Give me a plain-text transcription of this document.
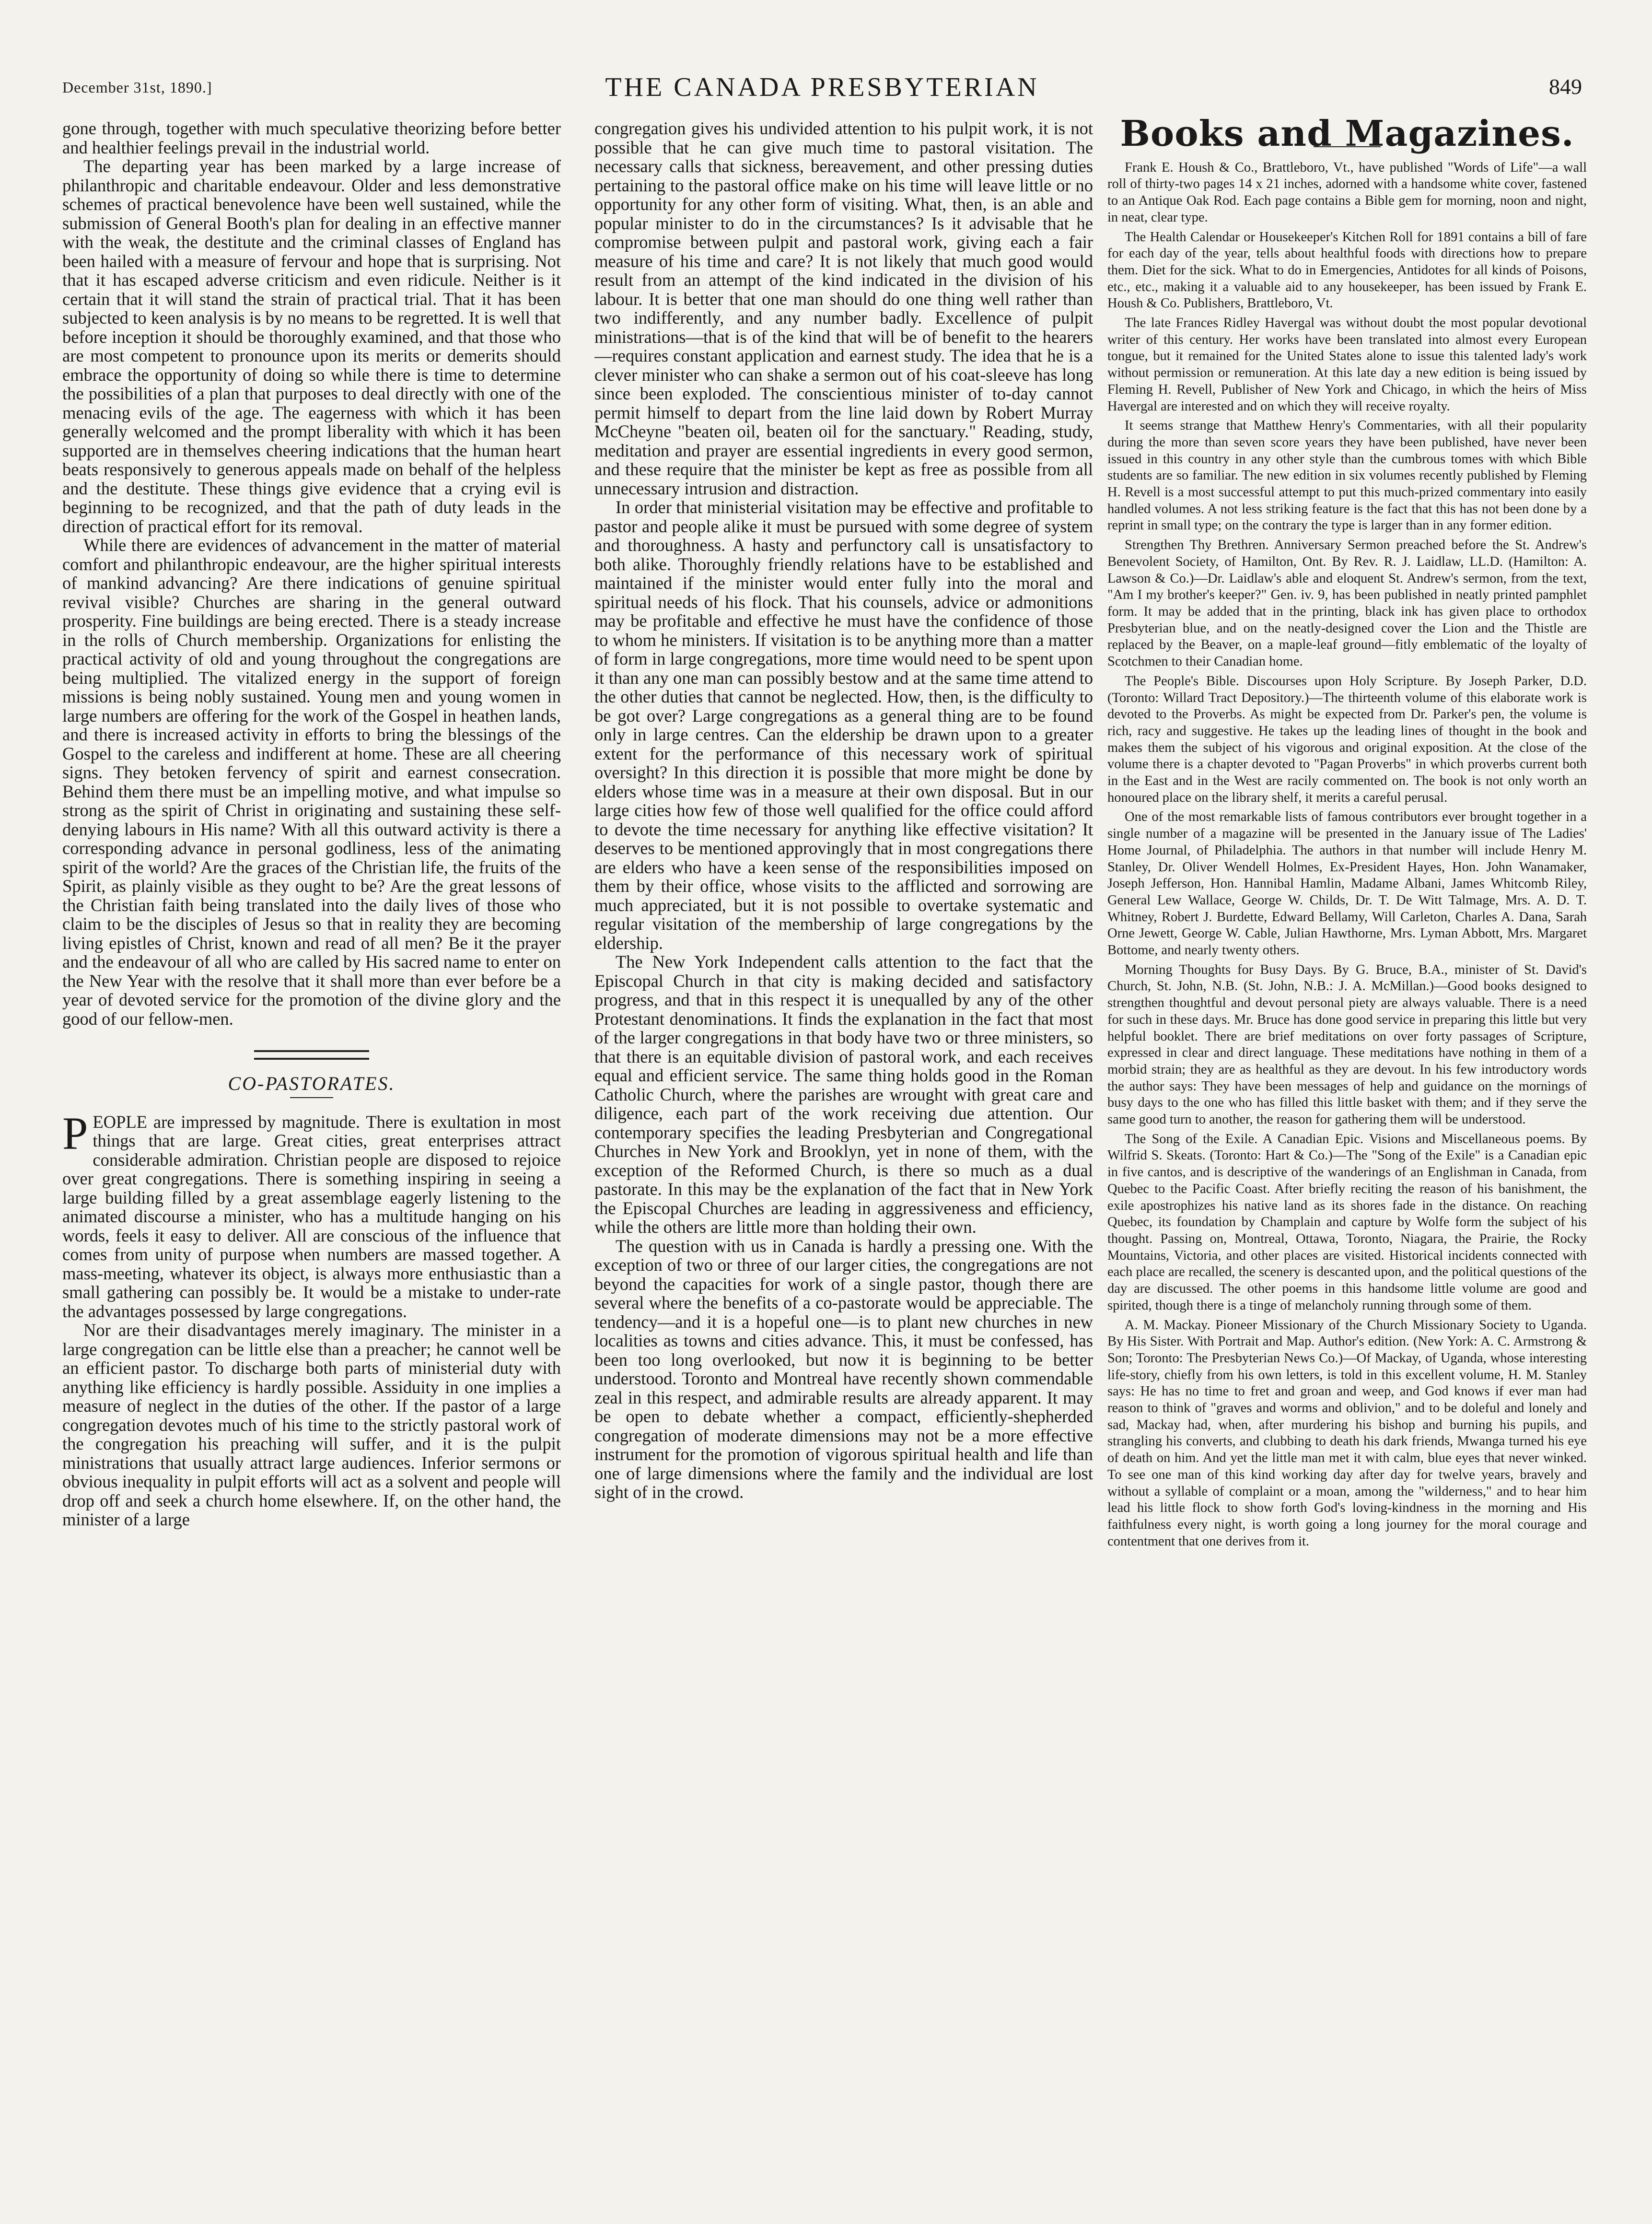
December 31st, 1890.]	THE CANADA PRESBYTERIAN	849

gone through, together with much speculative theorizing before better and healthier feelings prevail in the industrial world.

The departing year has been marked by a large increase of philanthropic and charitable endeavour. Older and less demonstrative schemes of practical benevolence have been well sustained, while the submission of General Booth's plan for dealing in an effective manner with the weak, the destitute and the criminal classes of England has been hailed with a measure of fervour and hope that is surprising. Not that it has escaped adverse criticism and even ridicule. Neither is it certain that it will stand the strain of practical trial. That it has been subjected to keen analysis is by no means to be regretted. It is well that before inception it should be thoroughly examined, and that those who are most competent to pronounce upon its merits or demerits should embrace the opportunity of doing so while there is time to determine the possibilities of a plan that purposes to deal directly with one of the menacing evils of the age. The eagerness with which it has been generally welcomed and the prompt liberality with which it has been supported are in themselves cheering indications that the human heart beats responsively to generous appeals made on behalf of the helpless and the destitute. These things give evidence that a crying evil is beginning to be recognized, and that the path of duty leads in the direction of practical effort for its removal.

While there are evidences of advancement in the matter of material comfort and philanthropic endeavour, are the higher spiritual interests of mankind advancing? Are there indications of genuine spiritual revival visible? Churches are sharing in the general outward prosperity. Fine buildings are being erected. There is a steady increase in the rolls of Church membership. Organizations for enlisting the practical activity of old and young throughout the congregations are being multiplied. The vitalized energy in the support of foreign missions is being nobly sustained. Young men and young women in large numbers are offering for the work of the Gospel in heathen lands, and there is increased activity in efforts to bring the blessings of the Gospel to the careless and indifferent at home. These are all cheering signs. They betoken fervency of spirit and earnest consecration. Behind them there must be an impelling motive, and what impulse so strong as the spirit of Christ in originating and sustaining these self-denying labours in His name? With all this outward activity is there a corresponding advance in personal godliness, less of the animating spirit of the world? Are the graces of the Christian life, the fruits of the Spirit, as plainly visible as they ought to be? Are the great lessons of the Christian faith being translated into the daily lives of those who claim to be the disciples of Jesus so that in reality they are becoming living epistles of Christ, known and read of all men? Be it the prayer and the endeavour of all who are called by His sacred name to enter on the New Year with the resolve that it shall more than ever before be a year of devoted service for the promotion of the divine glory and the good of our fellow-men.

CO-PASTORATES.

PEOPLE are impressed by magnitude. There is exultation in most things that are large. Great cities, great enterprises attract considerable admiration. Christian people are disposed to rejoice over great congregations. There is something inspiring in seeing a large building filled by a great assemblage eagerly listening to the animated discourse a minister, who has a multitude hanging on his words, feels it easy to deliver. All are conscious of the influence that comes from unity of purpose when numbers are massed together. A mass-meeting, whatever its object, is always more enthusiastic than a small gathering can possibly be. It would be a mistake to under-rate the advantages possessed by large congregations.

Nor are their disadvantages merely imaginary. The minister in a large congregation can be little else than a preacher; he cannot well be an efficient pastor. To discharge both parts of ministerial duty with anything like efficiency is hardly possible. Assiduity in one implies a measure of neglect in the duties of the other. If the pastor of a large congregation devotes much of his time to the strictly pastoral work of the congregation his preaching will suffer, and it is the pulpit ministrations that usually attract large audiences. Inferior sermons or obvious inequality in pulpit efforts will act as a solvent and people will drop off and seek a church home elsewhere. If, on the other hand, the minister of a large

congregation gives his undivided attention to his pulpit work, it is not possible that he can give much time to pastoral visitation. The necessary calls that sickness, bereavement, and other pressing duties pertaining to the pastoral office make on his time will leave little or no opportunity for any other form of visiting. What, then, is an able and popular minister to do in the circumstances? Is it advisable that he compromise between pulpit and pastoral work, giving each a fair measure of his time and care? It is not likely that much good would result from an attempt of the kind indicated in the division of his labour. It is better that one man should do one thing well rather than two indifferently, and any number badly. Excellence of pulpit ministrations—that is of the kind that will be of benefit to the hearers—requires constant application and earnest study. The idea that he is a clever minister who can shake a sermon out of his coat-sleeve has long since been exploded. The conscientious minister of to-day cannot permit himself to depart from the line laid down by Robert Murray McCheyne "beaten oil, beaten oil for the sanctuary." Reading, study, meditation and prayer are essential ingredients in every good sermon, and these require that the minister be kept as free as possible from all unnecessary intrusion and distraction.

In order that ministerial visitation may be effective and profitable to pastor and people alike it must be pursued with some degree of system and thoroughness. A hasty and perfunctory call is unsatisfactory to both alike. Thoroughly friendly relations have to be established and maintained if the minister would enter fully into the moral and spiritual needs of his flock. That his counsels, advice or admonitions may be profitable and effective he must have the confidence of those to whom he ministers. If visitation is to be anything more than a matter of form in large congregations, more time would need to be spent upon it than any one man can possibly bestow and at the same time attend to the other duties that cannot be neglected. How, then, is the difficulty to be got over? Large congregations as a general thing are to be found only in large centres. Can the eldership be drawn upon to a greater extent for the performance of this necessary work of spiritual oversight? In this direction it is possible that more might be done by elders whose time was in a measure at their own disposal. But in our large cities how few of those well qualified for the office could afford to devote the time necessary for anything like effective visitation? It deserves to be mentioned approvingly that in most congregations there are elders who have a keen sense of the responsibilities imposed on them by their office, whose visits to the afflicted and sorrowing are much appreciated, but it is not possible to overtake systematic and regular visitation of the membership of large congregations by the eldership.

The New York Independent calls attention to the fact that the Episcopal Church in that city is making decided and satisfactory progress, and that in this respect it is unequalled by any of the other Protestant denominations. It finds the explanation in the fact that most of the larger congregations in that body have two or three ministers, so that there is an equitable division of pastoral work, and each receives equal and efficient service. The same thing holds good in the Roman Catholic Church, where the parishes are wrought with great care and diligence, each part of the work receiving due attention. Our contemporary specifies the leading Presbyterian and Congregational Churches in New York and Brooklyn, yet in none of them, with the exception of the Reformed Church, is there so much as a dual pastorate. In this may be the explanation of the fact that in New York the Episcopal Churches are leading in aggressiveness and efficiency, while the others are little more than holding their own.

The question with us in Canada is hardly a pressing one. With the exception of two or three of our larger cities, the congregations are not beyond the capacities for work of a single pastor, though there are several where the benefits of a co-pastorate would be appreciable. The tendency—and it is a hopeful one—is to plant new churches in new localities as towns and cities advance. This, it must be confessed, has been too long overlooked, but now it is beginning to be better understood. Toronto and Montreal have recently shown commendable zeal in this respect, and admirable results are already apparent. It may be open to debate whether a compact, efficiently-shepherded congregation of moderate dimensions may not be a more effective instrument for the promotion of vigorous spiritual health and life than one of large dimensions where the family and the individual are lost sight of in the crowd.

Books and Magazines.

Frank E. Housh & Co., Brattleboro, Vt., have published "Words of Life"—a wall roll of thirty-two pages 14 x 21 inches, adorned with a handsome white cover, fastened to an Antique Oak Rod. Each page contains a Bible gem for morning, noon and night, in neat, clear type.

The Health Calendar or Housekeeper's Kitchen Roll for 1891 contains a bill of fare for each day of the year, tells about healthful foods with directions how to prepare them. Diet for the sick. What to do in Emergencies, Antidotes for all kinds of Poisons, etc., etc., making it a valuable aid to any housekeeper, has been issued by Frank E. Housh & Co. Publishers, Brattleboro, Vt.

The late Frances Ridley Havergal was without doubt the most popular devotional writer of this century. Her works have been translated into almost every European tongue, but it remained for the United States alone to issue this talented lady's work without permission or remuneration. At this late day a new edition is being issued by Fleming H. Revell, Publisher of New York and Chicago, in which the heirs of Miss Havergal are interested and on which they will receive royalty.

It seems strange that Matthew Henry's Commentaries, with all their popularity during the more than seven score years they have been published, have never been issued in this country in any other style than the cumbrous tomes with which Bible students are so familiar. The new edition in six volumes recently published by Fleming H. Revell is a most successful attempt to put this much-prized commentary into easily handled volumes. A not less striking feature is the fact that this has not been done by a reprint in small type; on the contrary the type is larger than in any former edition.

Strengthen Thy Brethren. Anniversary Sermon preached before the St. Andrew's Benevolent Society, of Hamilton, Ont. By Rev. R. J. Laidlaw, LL.D. (Hamilton: A. Lawson & Co.)—Dr. Laidlaw's able and eloquent St. Andrew's sermon, from the text, "Am I my brother's keeper?" Gen. iv. 9, has been published in neatly printed pamphlet form. It may be added that in the printing, black ink has given place to orthodox Presbyterian blue, and on the neatly-designed cover the Lion and the Thistle are replaced by the Beaver, on a maple-leaf ground—fitly emblematic of the loyalty of Scotchmen to their Canadian home.

The People's Bible. Discourses upon Holy Scripture. By Joseph Parker, D.D. (Toronto: Willard Tract Depository.)—The thirteenth volume of this elaborate work is devoted to the Proverbs. As might be expected from Dr. Parker's pen, the volume is rich, racy and suggestive. He takes up the leading lines of thought in the book and makes them the subject of his vigorous and original exposition. At the close of the volume there is a chapter devoted to "Pagan Proverbs" in which proverbs current both in the East and in the West are racily commented on. The book is not only worth an honoured place on the library shelf, it merits a careful perusal.

One of the most remarkable lists of famous contributors ever brought together in a single number of a magazine will be presented in the January issue of The Ladies' Home Journal, of Philadelphia. The authors in that number will include Henry M. Stanley, Dr. Oliver Wendell Holmes, Ex-President Hayes, Hon. John Wanamaker, Joseph Jefferson, Hon. Hannibal Hamlin, Madame Albani, James Whitcomb Riley, General Lew Wallace, George W. Childs, Dr. T. De Witt Talmage, Mrs. A. D. T. Whitney, Robert J. Burdette, Edward Bellamy, Will Carleton, Charles A. Dana, Sarah Orne Jewett, George W. Cable, Julian Hawthorne, Mrs. Lyman Abbott, Mrs. Margaret Bottome, and nearly twenty others.

Morning Thoughts for Busy Days. By G. Bruce, B.A., minister of St. David's Church, St. John, N.B. (St. John, N.B.: J. A. McMillan.)—Good books designed to strengthen thoughtful and devout personal piety are always valuable. There is a need for such in these days. Mr. Bruce has done good service in preparing this little but very helpful booklet. There are brief meditations on over forty passages of Scripture, expressed in clear and direct language. These meditations have nothing in them of a morbid strain; they are as healthful as they are devout. In his few introductory words the author says: They have been messages of help and guidance on the mornings of busy days to the one who has filled this little basket with them; and if they serve the same good turn to another, the reason for gathering them will be understood.

The Song of the Exile. A Canadian Epic. Visions and Miscellaneous poems. By Wilfrid S. Skeats. (Toronto: Hart & Co.)—The "Song of the Exile" is a Canadian epic in five cantos, and is descriptive of the wanderings of an Englishman in Canada, from Quebec to the Pacific Coast. After briefly reciting the reason of his banishment, the exile apostrophizes his native land as its shores fade in the distance. On reaching Quebec, its foundation by Champlain and capture by Wolfe form the subject of his thought. Passing on, Montreal, Ottawa, Toronto, Niagara, the Prairie, the Rocky Mountains, Victoria, and other places are visited. Historical incidents connected with each place are recalled, the scenery is descanted upon, and the political questions of the day are discussed. The other poems in this handsome little volume are good and spirited, though there is a tinge of melancholy running through some of them.

A. M. Mackay. Pioneer Missionary of the Church Missionary Society to Uganda. By His Sister. With Portrait and Map. Author's edition. (New York: A. C. Armstrong & Son; Toronto: The Presbyterian News Co.)—Of Mackay, of Uganda, whose interesting life-story, chiefly from his own letters, is told in this excellent volume, H. M. Stanley says: He has no time to fret and groan and weep, and God knows if ever man had reason to think of "graves and worms and oblivion," and to be doleful and lonely and sad, Mackay had, when, after murdering his bishop and burning his pupils, and strangling his converts, and clubbing to death his dark friends, Mwanga turned his eye of death on him. And yet the little man met it with calm, blue eyes that never winked. To see one man of this kind working day after day for twelve years, bravely and without a syllable of complaint or a moan, among the "wilderness," and to hear him lead his little flock to show forth God's loving-kindness in the morning and His faithfulness every night, is worth going a long journey for the moral courage and contentment that one derives from it.
